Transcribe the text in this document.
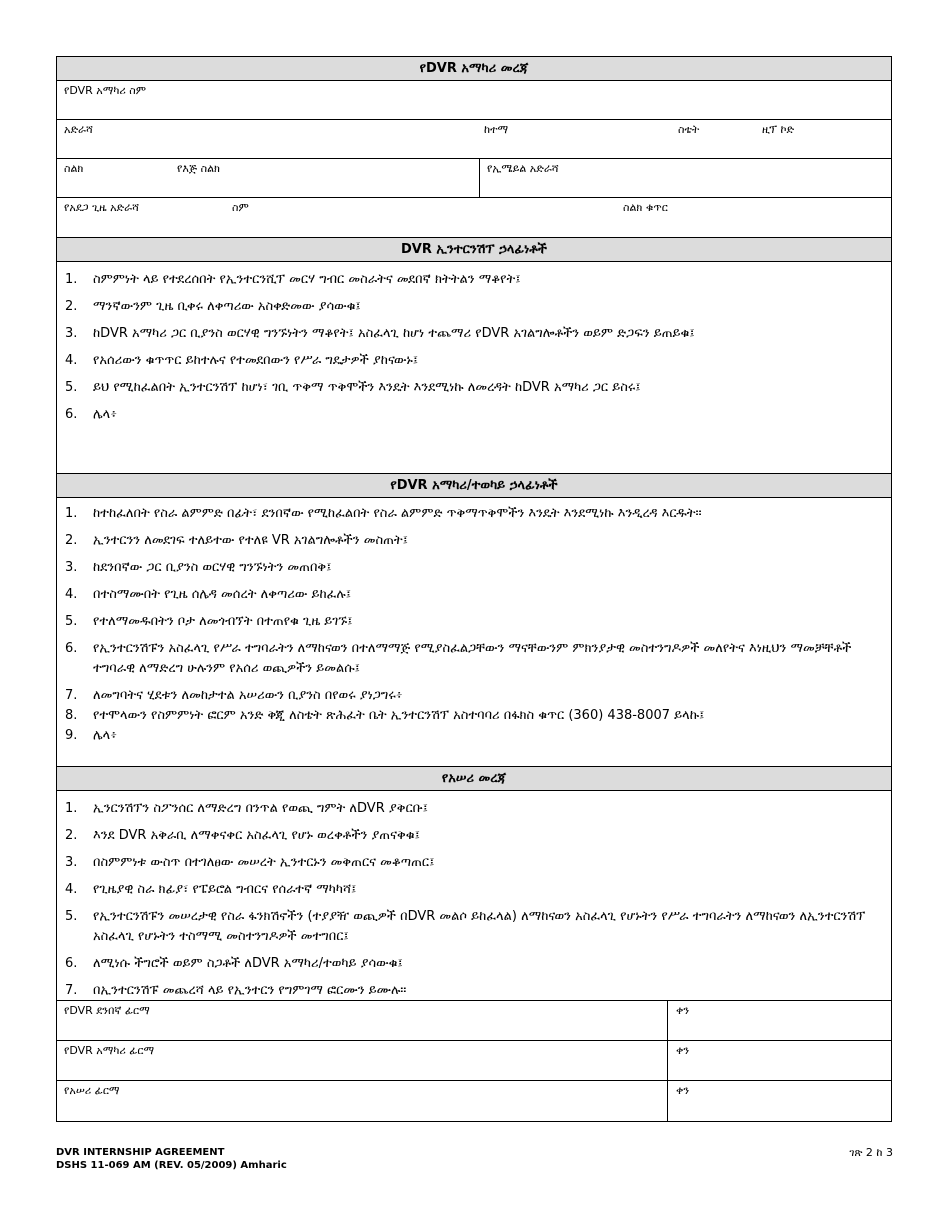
የDVR አማካሪ መረጃ
የDVR አማካሪ ስም
አድራሻ	ከተማ	ስቴት	ዚፕ ኮድ
ስልክ	የእጅ ስልክ	የኢሜይል አድራሻ
የአደጋ ጊዜ አድራሻ	ስም	ስልክ ቁጥር
DVR ኢንተርንሽፕ ኃላፊነቶች
1. ስምምነት ላይ የተደረሰበት የኢንተርንሺፕ መርሃ ግብር መስራትና መደበኛ ክትትልን ማቆየት፤
2. ማንኛውንም ጊዜ ቢቀሩ ለቀጣሪው አስቀድመው ያሳውቁ፤
3. ከDVR አማካሪ ጋር ቢያንስ ወርሃዊ ግንኙነትን ማቆየት፤ አስፈላጊ ከሆነ ተጨማሪ የDVR አገልግሎቶችን ወይም ድጋፍን ይጠይቁ፤
4. የአሰሪውን ቁጥጥር ይከተሉና የተመደበውን የሥራ ግዴታዎች ያከናውኑ፤
5. ይህ የሚከፈልበት ኢንተርንሽፕ ከሆነ፣ ገቢ ጥቅማ ጥቅሞችን እንዴት እንደሚነኩ ለመረዳት ከDVR አማካሪ ጋር ይስሩ፤
6. ሌላ፥
የDVR አማካሪ/ተወካይ ኃላፊነቶች
1. ከተከፈለበት የስራ ልምምድ በፊት፣ ደንበኛው የሚከፈልበት የስራ ልምምድ ጥቅማጥቅሞችን እንዴት እንደሚነኩ እንዲረዳ እርዱት።
2. ኢንተርንን ለመደገፍ ተለይተው የተለዩ VR አገልግሎቶችን መስጠት፤
3. ከደንበኛው ጋር ቢያንስ ወርሃዊ ግንኙነትን መጠበቅ፤
4. በተስማሙበት የጊዜ ሰሌዳ መሰረት ለቀጣሪው ይከፈሉ፤
5. የተለማመዱበትን ቦታ ለመጎብኘት በተጠየቁ ጊዜ ይገኙ፤
6. የኢንተርንሽፑን አስፈላጊ የሥራ ተግባራትን ለማከናወን በተለማማጅ የሚያስፈልጋቸውን ማናቸውንም ምክንያታዊ መስተንግዶዎች መለየትና እነዚህን ማመቻቸቶች ተግባራዊ ለማድረግ ሁሉንም የአሰሪ ወጪዎችን ይመልሱ፤
7. ለመግባትና ሂደቱን ለመከታተል አሠሪውን ቢያንስ በየወሩ ያነጋግሩ፥
8. የተሞላውን የስምምነት ፎርም አንድ ቅጂ ለስቴት ጽሕፈት ቤት ኢንተርንሽፕ አስተባባሪ በፋክስ ቁጥር (360) 438-8007 ይላኩ፤
9. ሌላ፥
የአሠሪ መረጃ
1. ኢንርንሽፕን ስፖንሰር ለማድረግ በንጥል የወጪ ግምት ለDVR ያቅርቡ፤
2. እንደ DVR አቅራቢ ለማቀናቀር አስፈላጊ የሆኑ ወረቀቶችን ያጠናቅቁ፤
3. በስምምነቱ ውስጥ በተገለፀው መሠረት ኢንተርኑን መቅጠርና መቆጣጠር፤
4. የጊዜያዊ ስራ ክፊያ፣ የፔይሮል ግብርና የሰራተኛ ማካካሻ፤
5. የኢንተርንሽፑን መሠረታዊ የስራ ፋንክሽኖችን (ተያያዥ ወጪዎች በDVR መልሶ ይከፈላል) ለማከናወን አስፈላጊ የሆኑትን የሥራ ተግባራትን ለማከናወን ለኢንተርንሽፕ አስፈላጊ የሆኑትን ተስማሚ መስተንግዶዎች መተግበር፤
6. ለሚነሱ ችግሮች ወይም ስጋቶች ለDVR አማካሪ/ተወካይ ያሳውቁ፤
7. በኢንተርንሽፑ መጨረሻ ላይ የኢንተርን የግምገማ ፎርሙን ይሙሉ።
የDVR ደንበኛ ፊርማ	ቀን
የDVR አማካሪ ፊርማ	ቀን
የአሠሪ ፊርማ	ቀን
DVR INTERNSHIP AGREEMENT
DSHS 11-069 AM (REV. 05/2009) Amharic
ገጽ 2 ከ 3
